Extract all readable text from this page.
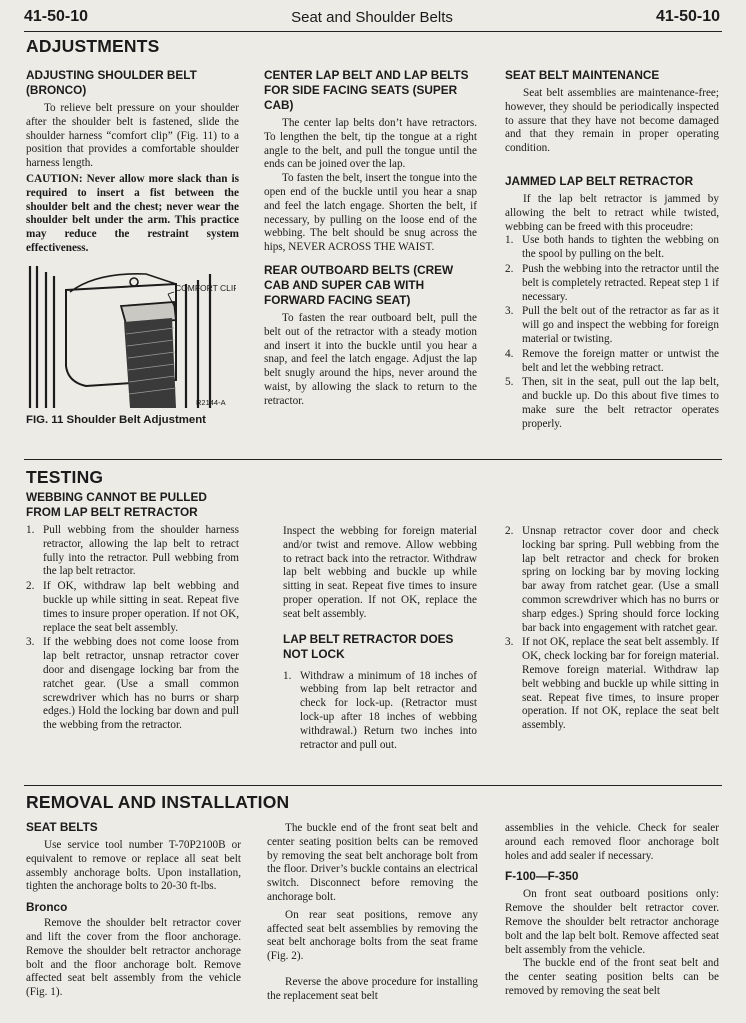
41-50-10	Seat and Shoulder Belts	41-50-10
ADJUSTMENTS
ADJUSTING SHOULDER BELT (BRONCO)

To relieve belt pressure on your shoulder after the shoulder belt is fastened, slide the shoulder harness “comfort clip” (Fig. 11) to a position that provides a comfortable shoulder harness length.

CAUTION: Never allow more slack than is required to insert a fist between the shoulder belt and the chest; never wear the shoulder belt under the arm. This practice may reduce the restraint system effectiveness.

COMFORT CLIP
R2144-A
FIG. 11 Shoulder Belt Adjustment
CENTER LAP BELT AND LAP BELTS FOR SIDE FACING SEATS (SUPER CAB)

The center lap belts don’t have retractors. To lengthen the belt, tip the tongue at a right angle to the belt, and pull the tongue until the ends can be joined over the lap.

To fasten the belt, insert the tongue into the open end of the buckle until you hear a snap and feel the latch engage. Shorten the belt, if necessary, by pulling on the loose end of the webbing. The belt should be snug across the hips, NEVER ACROSS THE WAIST.

REAR OUTBOARD BELTS (CREW CAB AND SUPER CAB WITH FORWARD FACING SEAT)

To fasten the rear outboard belt, pull the belt out of the retractor with a steady motion and insert it into the buckle until you hear a snap, and feel the latch engage. Adjust the lap belt snugly around the hips, never around the waist, by allowing the slack to return to the retractor.

SEAT BELT MAINTENANCE

Seat belt assemblies are maintenance-free; however, they should be periodically inspected to assure that they have not become damaged and that they remain in proper operating condition.

JAMMED LAP BELT RETRACTOR

If the lap belt retractor is jammed by allowing the belt to retract while twisted, webbing can be freed with this proceudre:

1. Use both hands to tighten the webbing on the spool by pulling on the belt.
2. Push the webbing into the retractor until the belt is completely retracted. Repeat step 1 if necessary.
3. Pull the belt out of the retractor as far as it will go and inspect the webbing for foreign material or twisting.
4. Remove the foreign matter or untwist the belt and let the webbing retract.
5. Then, sit in the seat, pull out the lap belt, and buckle up. Do this about five times to make sure the belt retractor operates properly.
TESTING
WEBBING CANNOT BE PULLED FROM LAP BELT RETRACTOR
1. Pull webbing from the shoulder harness retractor, allowing the lap belt to retract fully into the retractor. Pull webbing from the lap belt retractor.
2. If OK, withdraw lap belt webbing and buckle up while sitting in seat. Repeat five times to insure proper operation. If not OK, replace the seat belt assembly.
3. If the webbing does not come loose from lap belt retractor, unsnap retractor cover door and disengage locking bar from the ratchet gear. (Use a small common screwdriver which has no burrs or sharp edges.) Hold the locking bar down and pull the webbing from the retractor.

Inspect the webbing for foreign material and/or twist and remove. Allow webbing to retract back into the retractor. Withdraw lap belt webbing and buckle up while sitting in seat. Repeat five times to insure proper operation. If not OK, replace the seat belt assembly.

LAP BELT RETRACTOR DOES NOT LOCK
1. Withdraw a minimum of 18 inches of webbing from lap belt retractor and check for lock-up. (Retractor must lock-up after 18 inches of webbing withdrawal.) Return two inches into retractor and pull out.
2. Unsnap retractor cover door and check locking bar spring. Pull webbing from the lap belt retractor and check for broken spring on locking bar by moving locking bar away from ratchet gear. (Use a small common screwdriver which has no burrs or sharp edges.) Spring should force locking bar back into engagement with ratchet gear.
3. If not OK, replace the seat belt assembly. If OK, check locking bar for foreign material. Remove foreign material. Withdraw lap belt webbing and buckle up while sitting in seat. Repeat five times, to insure proper operation. If not OK, replace the seat belt assembly.
REMOVAL AND INSTALLATION
SEAT BELTS

Use service tool number T-70P2100B or equivalent to remove or replace all seat belt assembly anchorage bolts. Upon installation, tighten the anchorage bolts to 20-30 ft-lbs.

Bronco

Remove the shoulder belt retractor cover and lift the cover from the floor anchorage. Remove the shoulder belt retractor anchorage bolt and the floor anchorage bolt. Remove affected seat belt assembly from the vehicle (Fig. 1).

The buckle end of the front seat belt and center seating position belts can be removed by removing the seat belt anchorage bolt from the floor. Driver’s buckle contains an electrical switch. Disconnect before removing the anchorage bolt.

On rear seat positions, remove any affected seat belt assemblies by removing the seat belt anchorage bolts from the seat frame (Fig. 2).

Reverse the above procedure for installing the replacement seat belt

assemblies in the vehicle. Check for sealer around each removed floor anchorage bolt holes and add sealer if necessary.

F-100—F-350

On front seat outboard positions only: Remove the shoulder belt retractor cover. Remove the shoulder belt retractor anchorage bolt and the lap belt bolt. Remove affected seat belt assembly from the vehicle.

The buckle end of the front seat belt and the center seating position belts can be removed by removing the seat belt
